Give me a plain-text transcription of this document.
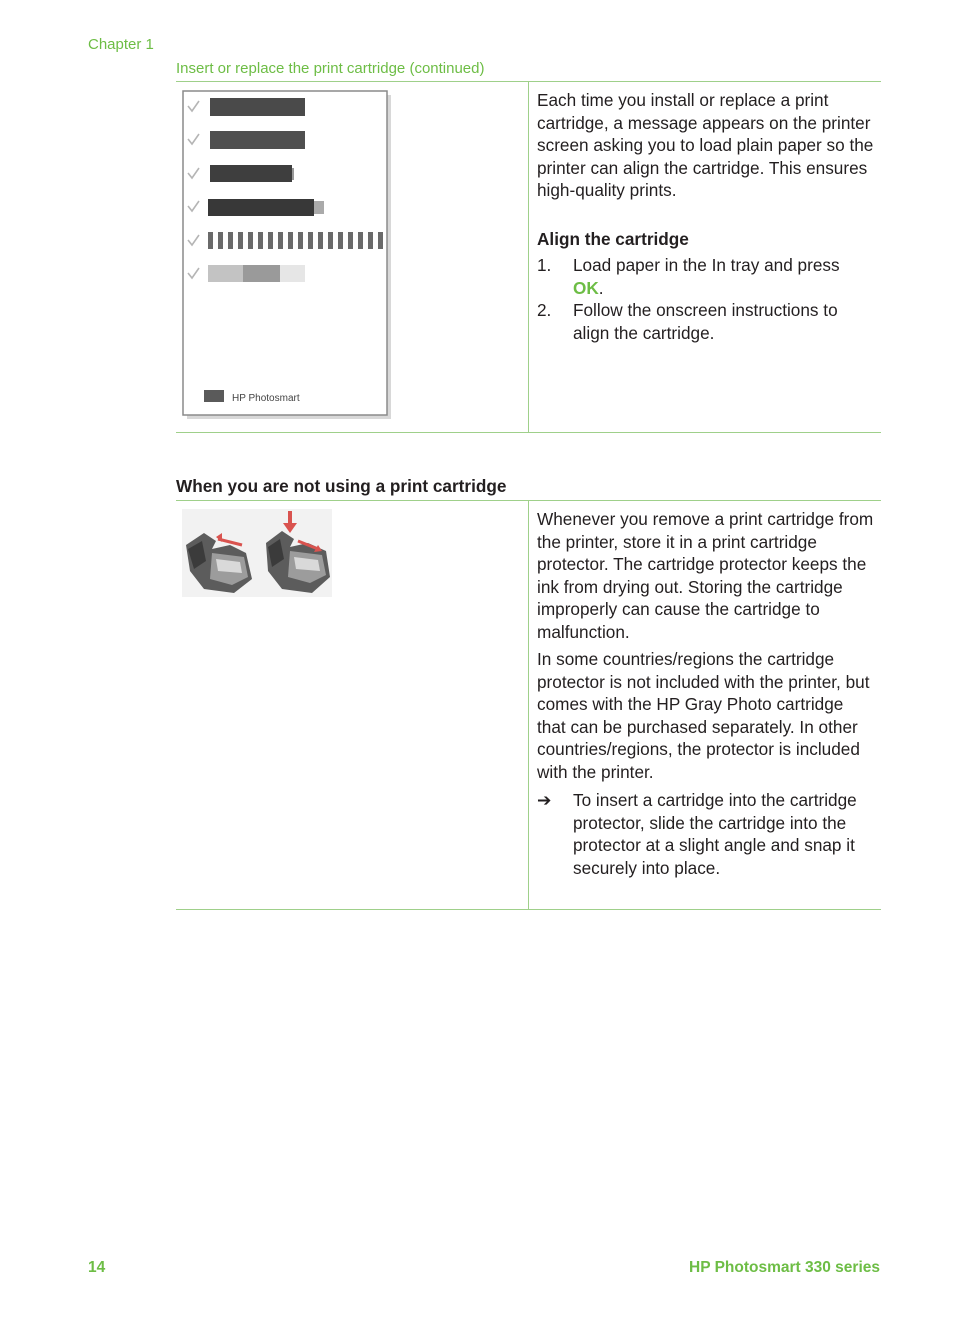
Chapter 1
Insert or replace the print cartridge (continued)
HP Photosmart

Each time you install or replace a print cartridge, a message appears on the printer screen asking you to load plain paper so the printer can align the cartridge. This ensures high-quality prints.

Align the cartridge

1.	Load paper in the In tray and press
OK.
2.	Follow the onscreen instructions to align the cartridge.
When you are not using a print cartridge

Whenever you remove a print cartridge from the printer, store it in a print cartridge protector. The cartridge protector keeps the ink from drying out. Storing the cartridge improperly can cause the cartridge to malfunction.

In some countries/regions the cartridge protector is not included with the printer, but comes with the HP Gray Photo cartridge that can be purchased separately. In other countries/regions, the protector is included with the printer.

➔	To insert a cartridge into the cartridge protector, slide the cartridge into the protector at a slight angle and snap it securely into place.
14	HP Photosmart 330 series
